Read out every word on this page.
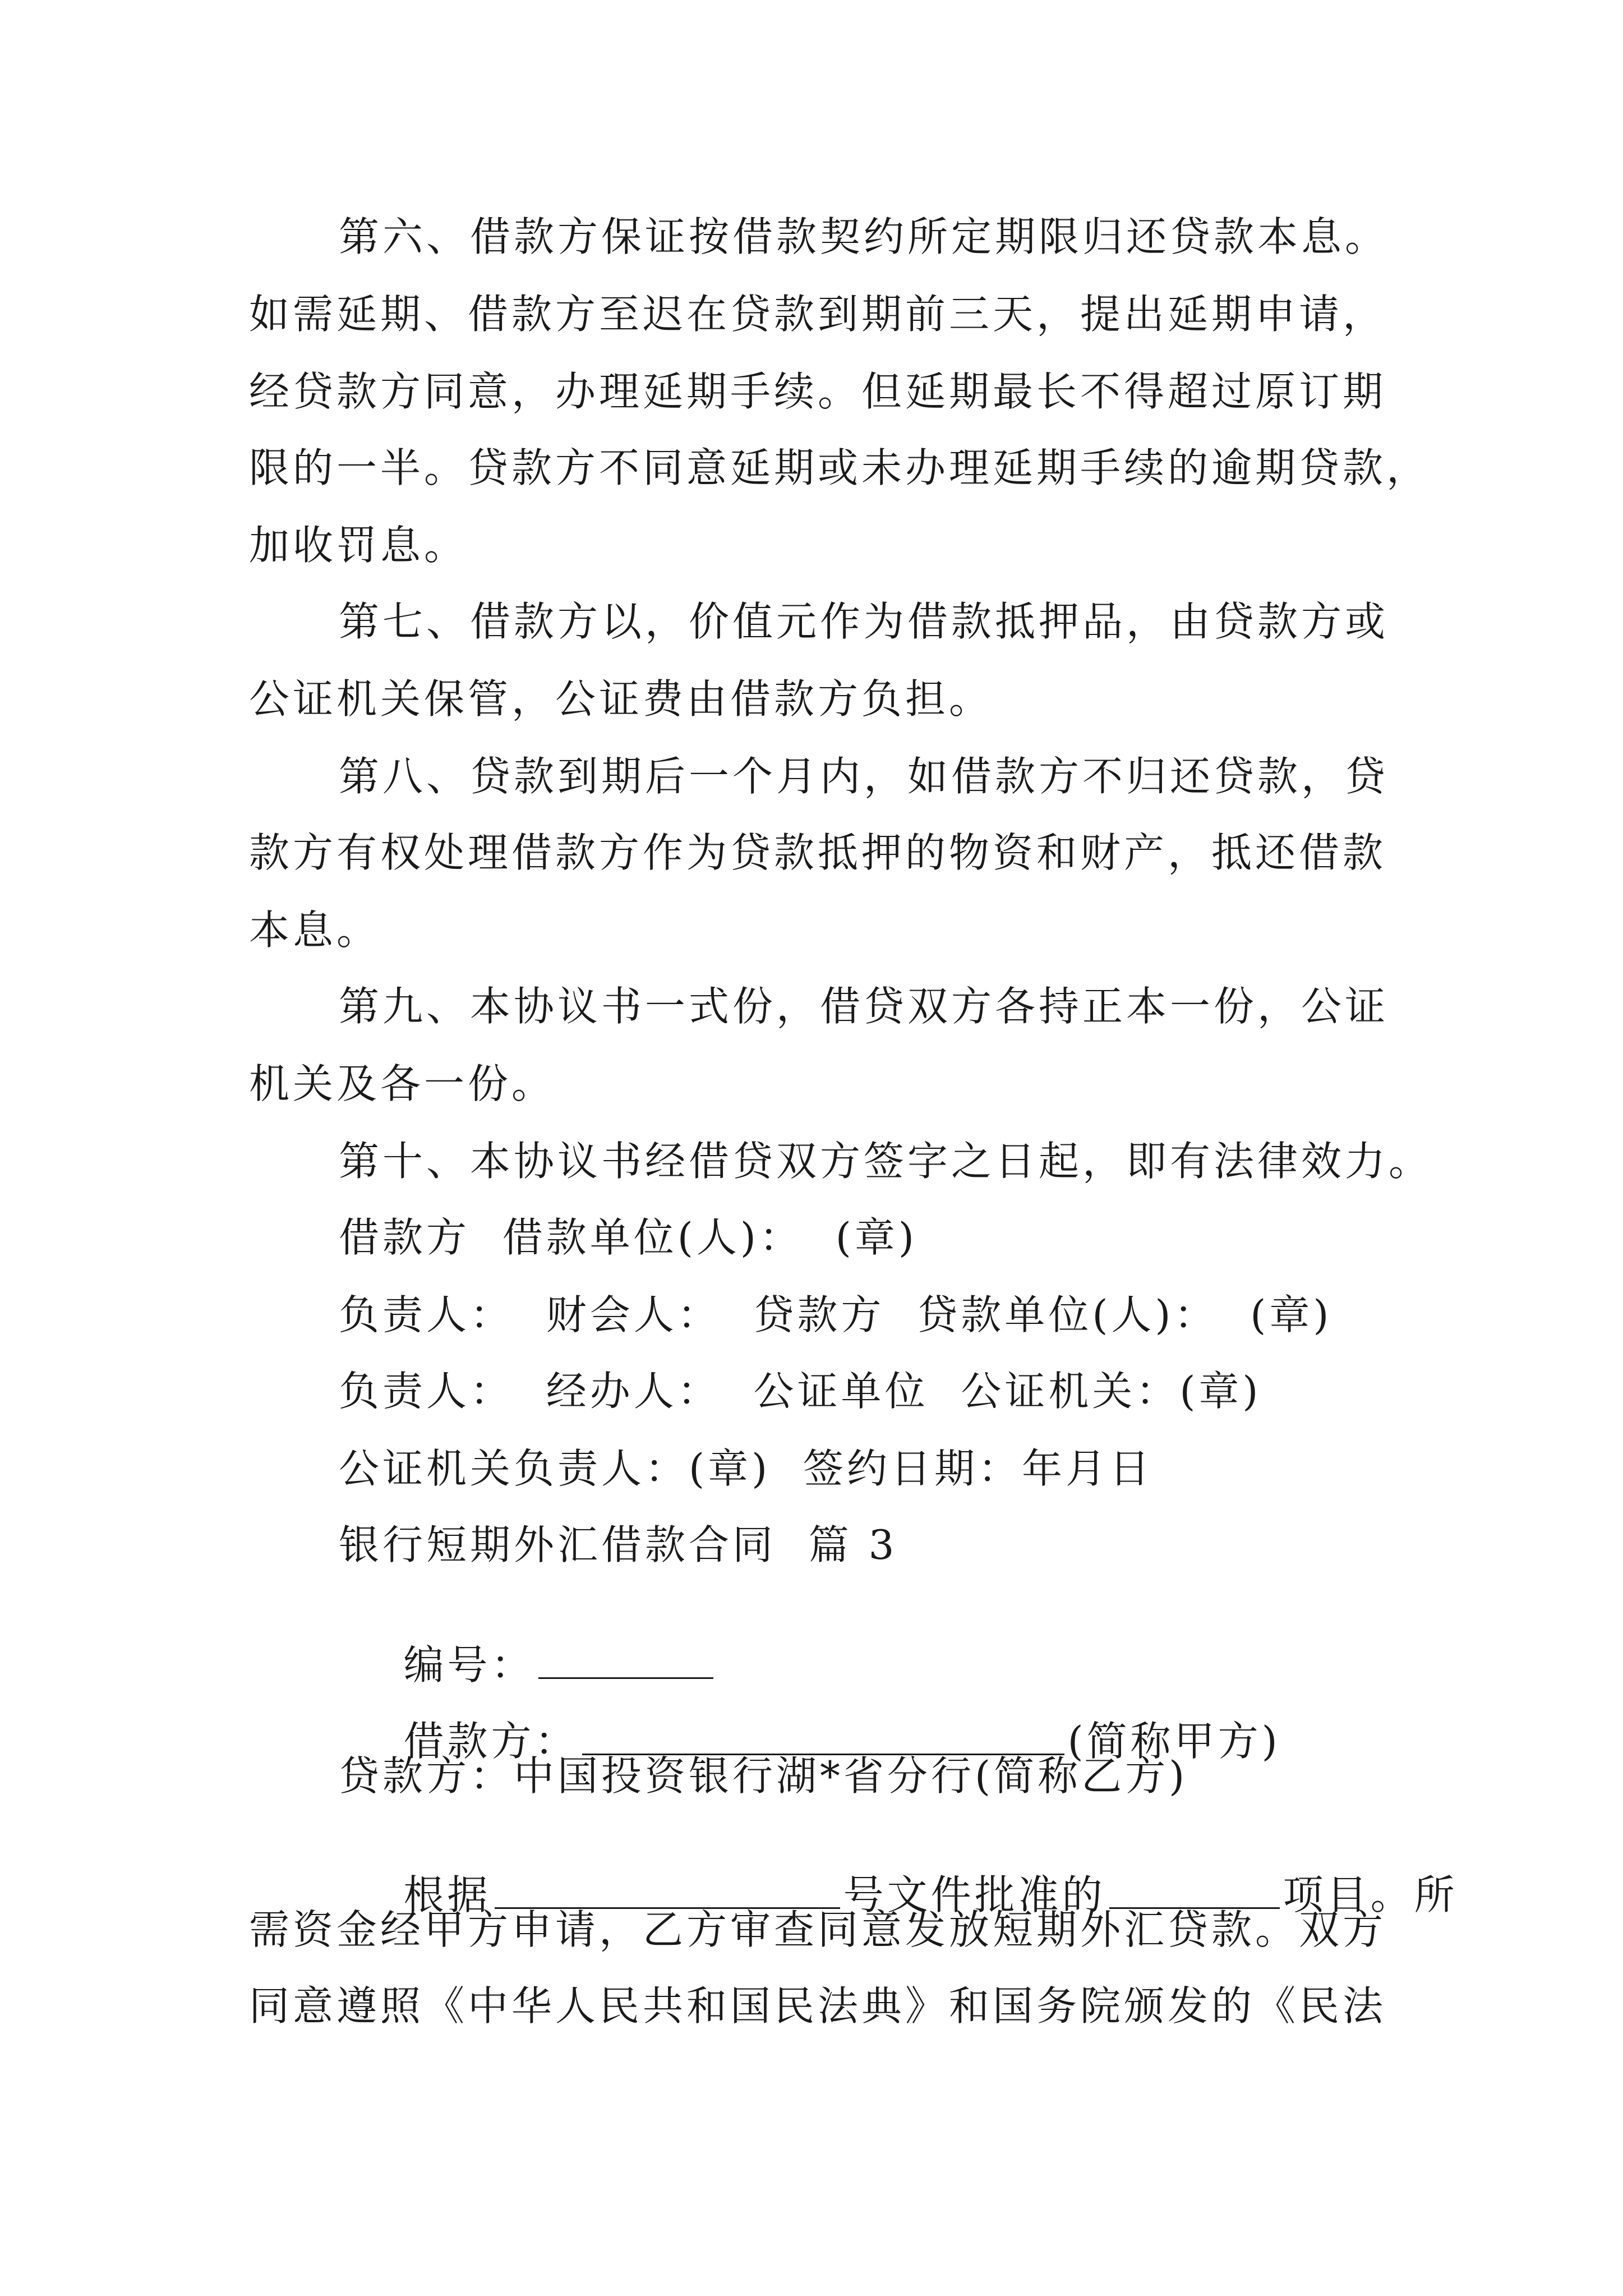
第六、借款方保证按借款契约所定期限归还贷款本息。
如需延期、借款方至迟在贷款到期前三天，提出延期申请，
经贷款方同意，办理延期手续。但延期最长不得超过原订期
限的一半。贷款方不同意延期或未办理延期手续的逾期贷款，
加收罚息。
第七、借款方以，价值元作为借款抵押品，由贷款方或
公证机关保管，公证费由借款方负担。
第八、贷款到期后一个月内，如借款方不归还贷款，贷
款方有权处理借款方作为贷款抵押的物资和财产，抵还借款
本息。
第九、本协议书一式份，借贷双方各持正本一份，公证
机关及各一份。
第十、本协议书经借贷双方签字之日起，即有法律效力。
借款方  借款单位(人)：  (章)
负责人：  财会人：  贷款方  贷款单位(人)：  (章)
负责人：  经办人：  公证单位  公证机关：(章)
公证机关负责人：(章)  签约日期：年月日
银行短期外汇借款合同  篇 3

编号：

借款方：	(简称甲方)

贷款方：中国投资银行湖*省分行(简称乙方)

根据	号文件批准的	项目。所

需资金经甲方申请，乙方审查同意发放短期外汇贷款。双方
同意遵照《中华人民共和国民法典》和国务院颁发的《民法
